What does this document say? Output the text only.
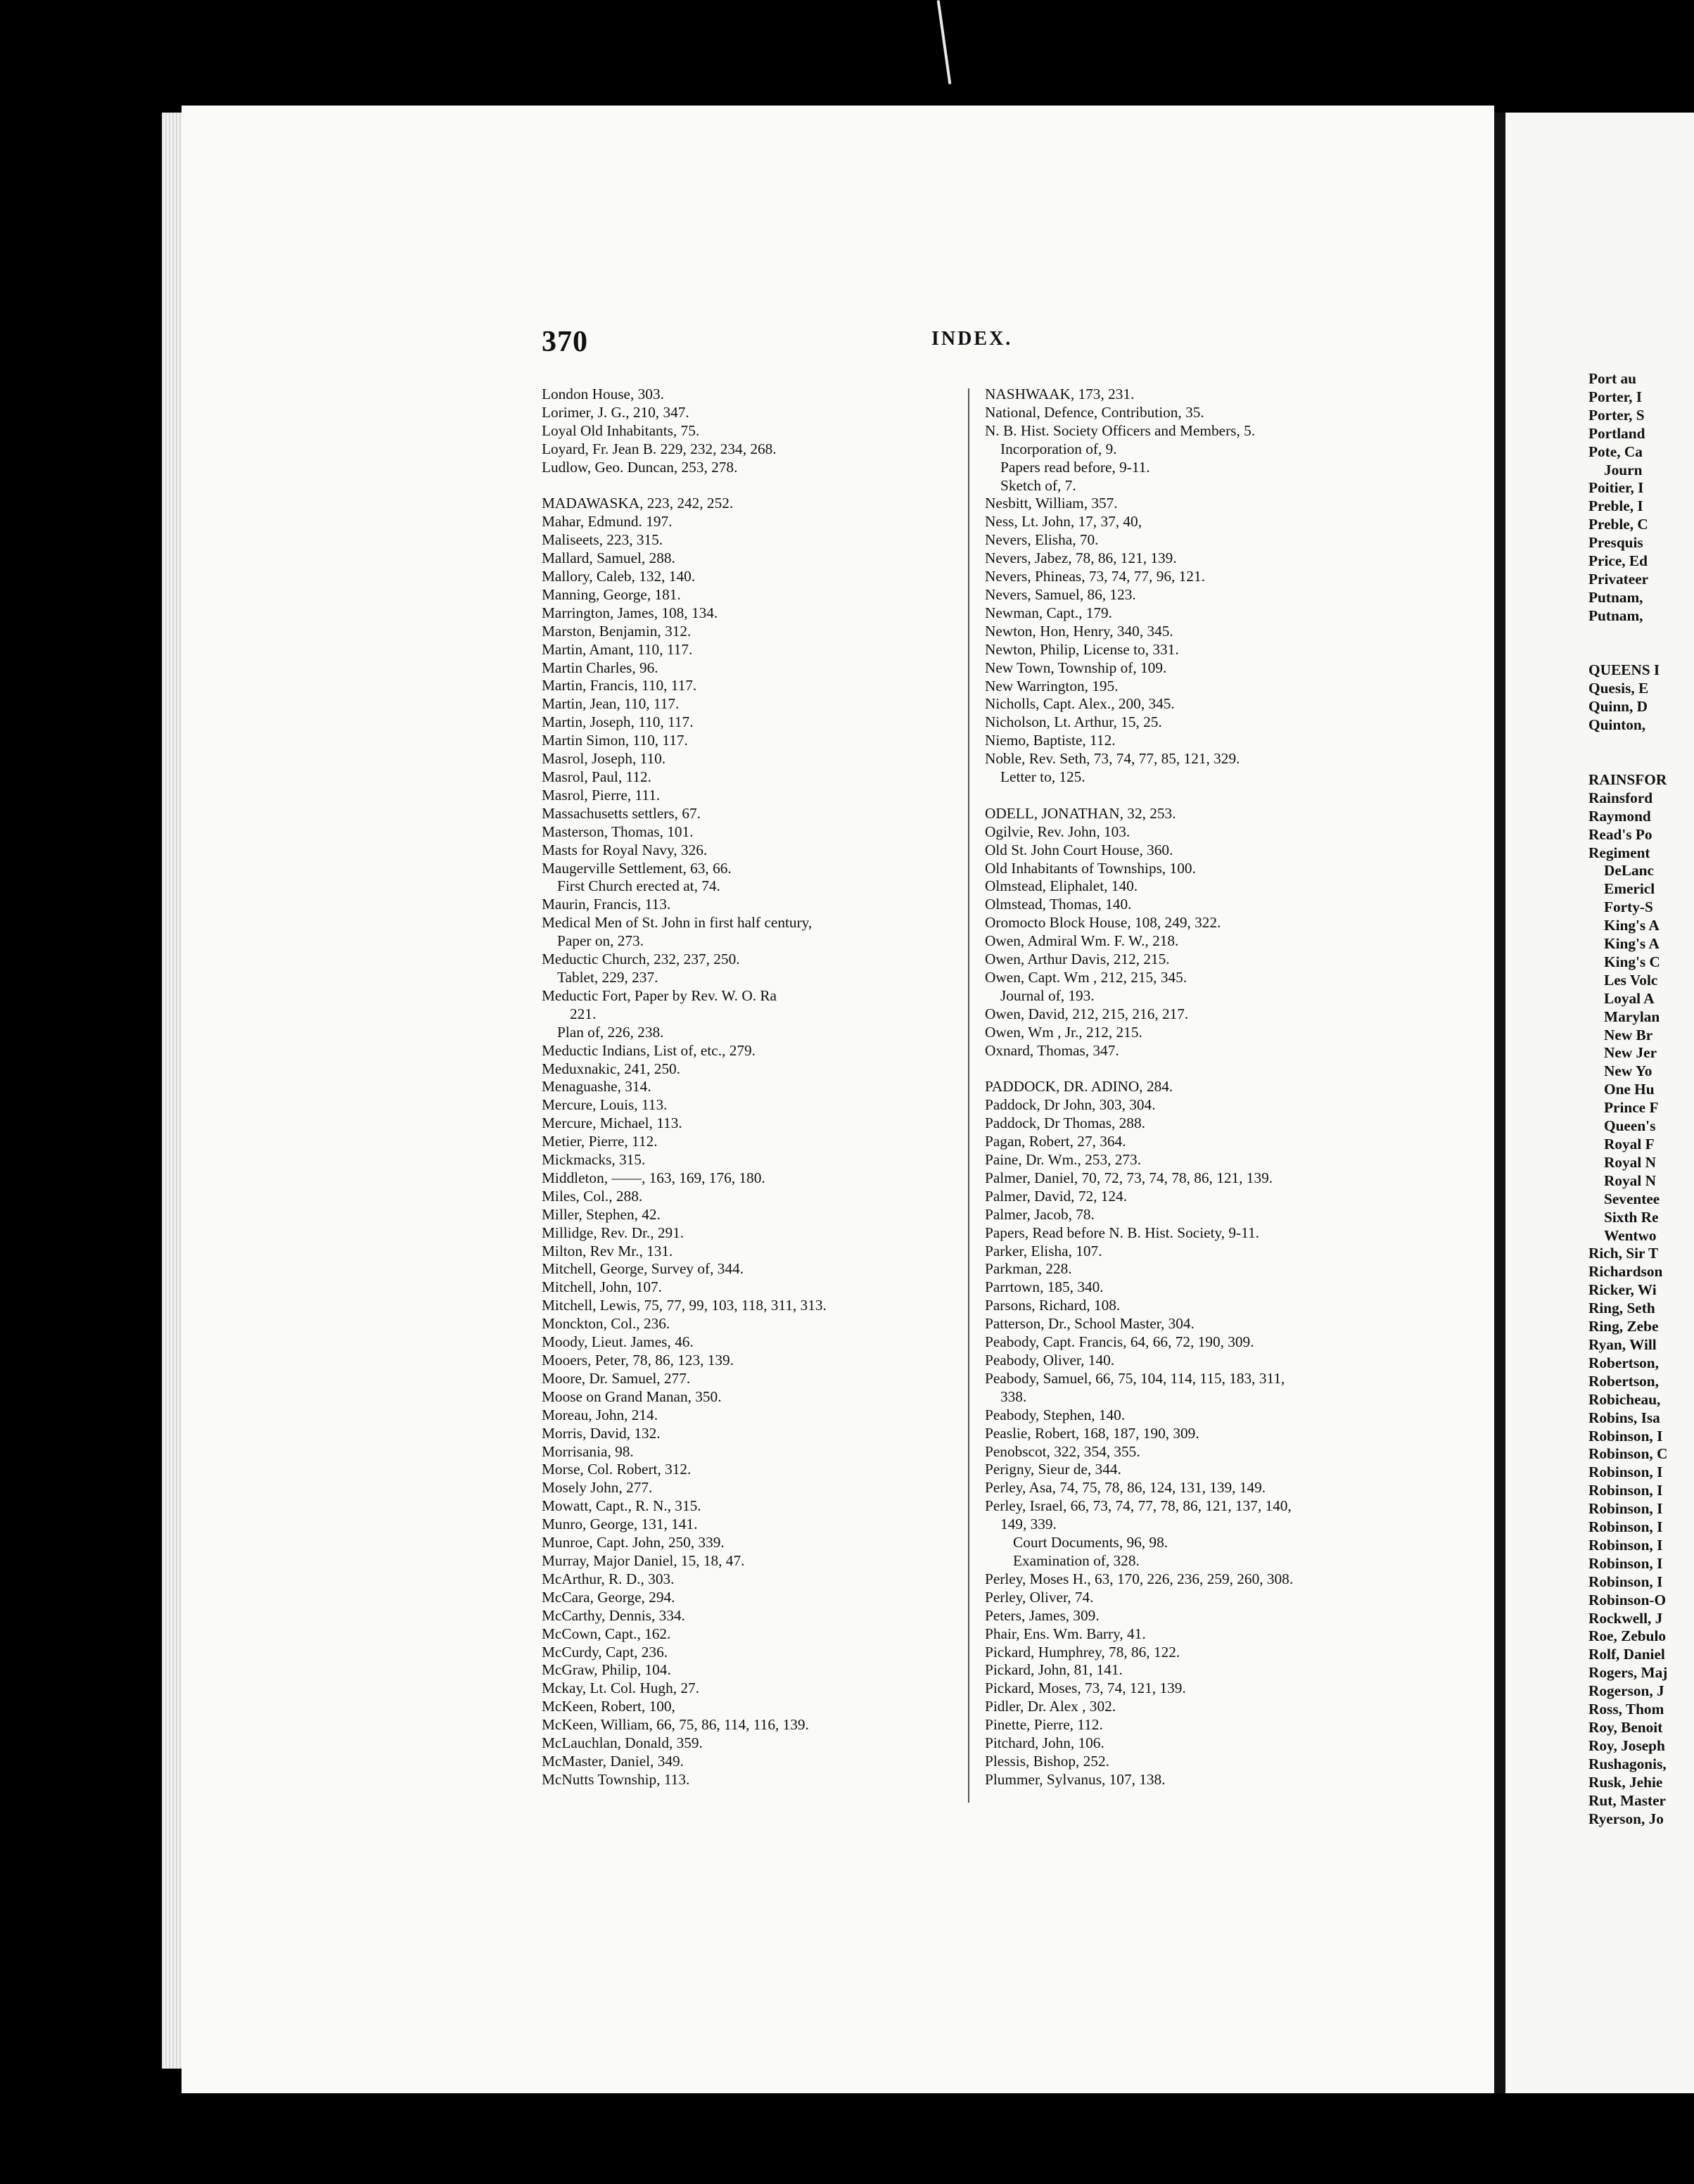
370	INDEX.
London House, 303.
Lorimer, J. G., 210, 347.
Loyal Old Inhabitants, 75.
Loyard, Fr. Jean B. 229, 232, 234, 268.
Ludlow, Geo. Duncan, 253, 278.
MADAWASKA, 223, 242, 252.
Mahar, Edmund. 197.
Maliseets, 223, 315.
Mallard, Samuel, 288.
Mallory, Caleb, 132, 140.
Manning, George, 181.
Marrington, James, 108, 134.
Marston, Benjamin, 312.
Martin, Amant, 110, 117.
Martin Charles, 96.
Martin, Francis, 110, 117.
Martin, Jean, 110, 117.
Martin, Joseph, 110, 117.
Martin Simon, 110, 117.
Masrol, Joseph, 110.
Masrol, Paul, 112.
Masrol, Pierre, 111.
Massachusetts settlers, 67.
Masterson, Thomas, 101.
Masts for Royal Navy, 326.
Maugerville Settlement, 63, 66.
First Church erected at, 74.
Maurin, Francis, 113.
Medical Men of St. John in first half century,
Paper on, 273.
Meductic Church, 232, 237, 250.
Tablet, 229, 237.
Meductic Fort, Paper by Rev. W. O. Ra
221.
Plan of, 226, 238.
Meductic Indians, List of, etc., 279.
Meduxnakic, 241, 250.
Menaguashe, 314.
Mercure, Louis, 113.
Mercure, Michael, 113.
Metier, Pierre, 112.
Mickmacks, 315.
Middleton, ——, 163, 169, 176, 180.
Miles, Col., 288.
Miller, Stephen, 42.
Millidge, Rev. Dr., 291.
Milton, Rev Mr., 131.
Mitchell, George, Survey of, 344.
Mitchell, John, 107.
Mitchell, Lewis, 75, 77, 99, 103, 118, 311, 313.
Monckton, Col., 236.
Moody, Lieut. James, 46.
Mooers, Peter, 78, 86, 123, 139.
Moore, Dr. Samuel, 277.
Moose on Grand Manan, 350.
Moreau, John, 214.
Morris, David, 132.
Morrisania, 98.
Morse, Col. Robert, 312.
Mosely John, 277.
Mowatt, Capt., R. N., 315.
Munro, George, 131, 141.
Munroe, Capt. John, 250, 339.
Murray, Major Daniel, 15, 18, 47.
McArthur, R. D., 303.
McCara, George, 294.
McCarthy, Dennis, 334.
McCown, Capt., 162.
McCurdy, Capt, 236.
McGraw, Philip, 104.
Mckay, Lt. Col. Hugh, 27.
McKeen, Robert, 100,
McKeen, William, 66, 75, 86, 114, 116, 139.
McLauchlan, Donald, 359.
McMaster, Daniel, 349.
McNutts Township, 113.
NASHWAAK, 173, 231.
National, Defence, Contribution, 35.
N. B. Hist. Society Officers and Members, 5.
Incorporation of, 9.
Papers read before, 9-11.
Sketch of, 7.
Nesbitt, William, 357.
Ness, Lt. John, 17, 37, 40,
Nevers, Elisha, 70.
Nevers, Jabez, 78, 86, 121, 139.
Nevers, Phineas, 73, 74, 77, 96, 121.
Nevers, Samuel, 86, 123.
Newman, Capt., 179.
Newton, Hon, Henry, 340, 345.
Newton, Philip, License to, 331.
New Town, Township of, 109.
New Warrington, 195.
Nicholls, Capt. Alex., 200, 345.
Nicholson, Lt. Arthur, 15, 25.
Niemo, Baptiste, 112.
Noble, Rev. Seth, 73, 74, 77, 85, 121, 329.
Letter to, 125.
ODELL, JONATHAN, 32, 253.
Ogilvie, Rev. John, 103.
Old St. John Court House, 360.
Old Inhabitants of Townships, 100.
Olmstead, Eliphalet, 140.
Olmstead, Thomas, 140.
Oromocto Block House, 108, 249, 322.
Owen, Admiral Wm. F. W., 218.
Owen, Arthur Davis, 212, 215.
Owen, Capt. Wm , 212, 215, 345.
Journal of, 193.
Owen, David, 212, 215, 216, 217.
Owen, Wm , Jr., 212, 215.
Oxnard, Thomas, 347.
PADDOCK, DR. ADINO, 284.
Paddock, Dr John, 303, 304.
Paddock, Dr Thomas, 288.
Pagan, Robert, 27, 364.
Paine, Dr. Wm., 253, 273.
Palmer, Daniel, 70, 72, 73, 74, 78, 86, 121, 139.
Palmer, David, 72, 124.
Palmer, Jacob, 78.
Papers, Read before N. B. Hist. Society, 9-11.
Parker, Elisha, 107.
Parkman, 228.
Parrtown, 185, 340.
Parsons, Richard, 108.
Patterson, Dr., School Master, 304.
Peabody, Capt. Francis, 64, 66, 72, 190, 309.
Peabody, Oliver, 140.
Peabody, Samuel, 66, 75, 104, 114, 115, 183, 311,
338.
Peabody, Stephen, 140.
Peaslie, Robert, 168, 187, 190, 309.
Penobscot, 322, 354, 355.
Perigny, Sieur de, 344.
Perley, Asa, 74, 75, 78, 86, 124, 131, 139, 149.
Perley, Israel, 66, 73, 74, 77, 78, 86, 121, 137, 140,
149, 339.
Court Documents, 96, 98.
Examination of, 328.
Perley, Moses H., 63, 170, 226, 236, 259, 260, 308.
Perley, Oliver, 74.
Peters, James, 309.
Phair, Ens. Wm. Barry, 41.
Pickard, Humphrey, 78, 86, 122.
Pickard, John, 81, 141.
Pickard, Moses, 73, 74, 121, 139.
Pidler, Dr. Alex , 302.
Pinette, Pierre, 112.
Pitchard, John, 106.
Plessis, Bishop, 252.
Plummer, Sylvanus, 107, 138.
Port au
Porter, I
Porter, S
Portland
Pote, Ca
Journ
Poitier, I
Preble, I
Preble, C
Presquis
Price, Ed
Privateer
Putnam,
Putnam,
QUEENS I
Quesis, E
Quinn, D
Quinton,
RAINSFOR
Rainsford
Raymond
Read's Po
Regiment
DeLanc
Emericl
Forty-S
King's A
King's A
King's C
Les Volc
Loyal A
Marylan
New Br
New Jer
New Yo
One Hu
Prince F
Queen's
Royal F
Royal N
Royal N
Seventee
Sixth Re
Wentwo
Rich, Sir T
Richardson
Ricker, Wi
Ring, Seth
Ring, Zebe
Ryan, Will
Robertson,
Robertson,
Robicheau,
Robins, Isa
Robinson, I
Robinson, C
Robinson, I
Robinson, I
Robinson, I
Robinson, I
Robinson, I
Robinson, I
Robinson, I
Robinson-O
Rockwell, J
Roe, Zebulo
Rolf, Daniel
Rogers, Maj
Rogerson, J
Ross, Thom
Roy, Benoit
Roy, Joseph
Rushagonis,
Rusk, Jehie
Rut, Master
Ryerson, Jo
